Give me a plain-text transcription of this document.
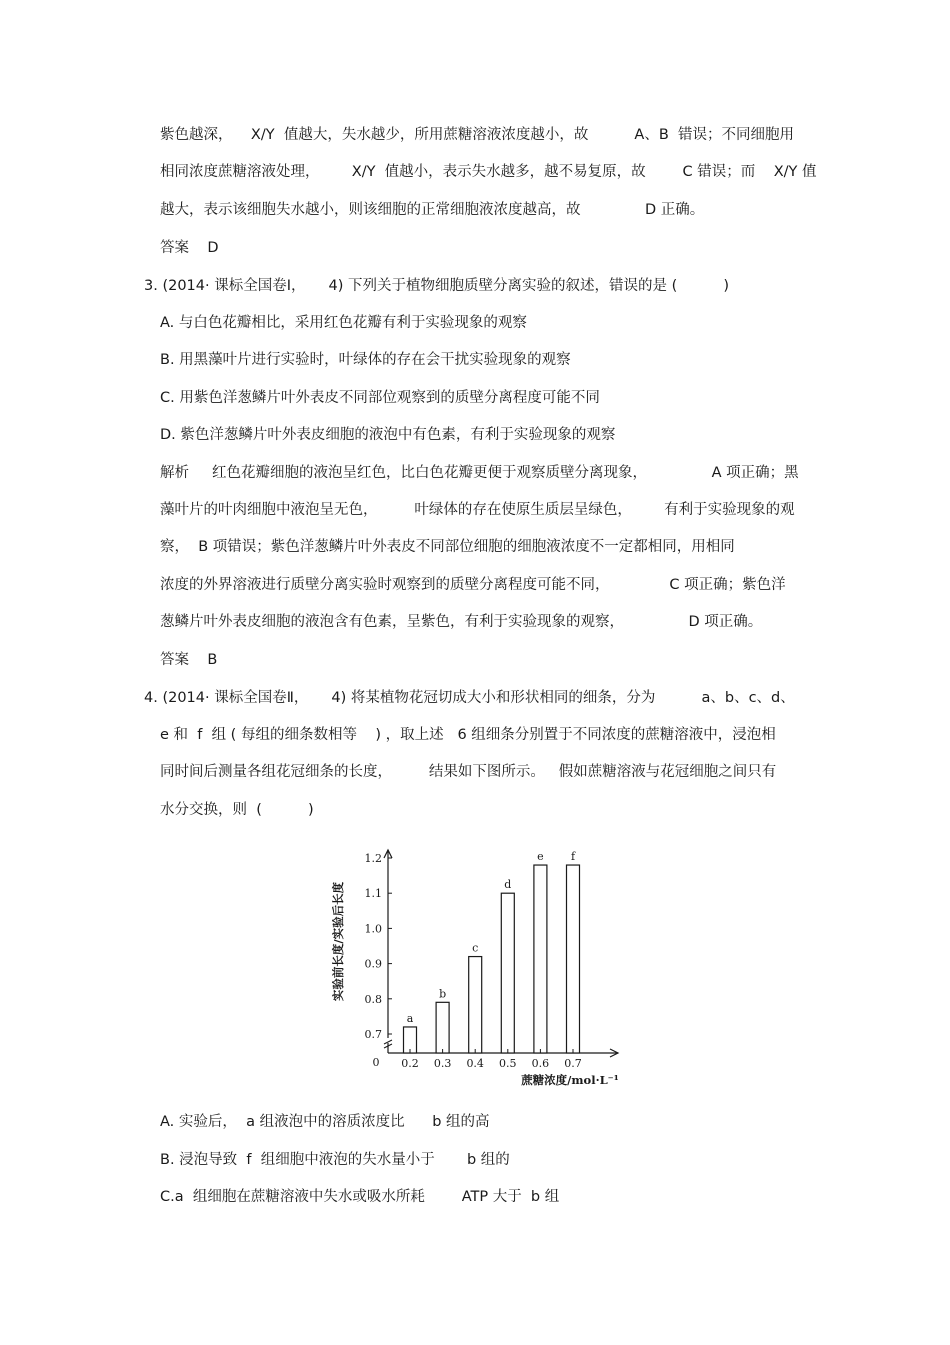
紫色越深，    X/Y  值越大，失水越少，所用蔗糖溶液浓度越小，故          A、B  错误；不同细胞用
相同浓度蔗糖溶液处理，       X/Y  值越小，表示失水越多，越不易复原，故        C 错误；而    X/Y 值
越大，表示该细胞失水越小，则该细胞的正常细胞液浓度越高，故              D 正确。
答案    D
3. (2014· 课标全国卷Ⅰ，     4) 下列关于植物细胞质壁分离实验的叙述，错误的是 (          )
A. 与白色花瓣相比，采用红色花瓣有利于实验现象的观察
B. 用黑藻叶片进行实验时，叶绿体的存在会干扰实验现象的观察
C. 用紫色洋葱鳞片叶外表皮不同部位观察到的质壁分离程度可能不同
D. 紫色洋葱鳞片叶外表皮细胞的液泡中有色素，有利于实验现象的观察
解析     红色花瓣细胞的液泡呈红色，比白色花瓣更便于观察质壁分离现象，              A 项正确；黑
藻叶片的叶肉细胞中液泡呈无色，        叶绿体的存在使原生质层呈绿色，       有利于实验现象的观
察，  B 项错误；紫色洋葱鳞片叶外表皮不同部位细胞的细胞液浓度不一定都相同，用相同
浓度的外界溶液进行质壁分离实验时观察到的质壁分离程度可能不同，             C 项正确；紫色洋
葱鳞片叶外表皮细胞的液泡含有色素，呈紫色，有利于实验现象的观察，              D 项正确。
答案    B
4. (2014· 课标全国卷Ⅱ，     4) 将某植物花冠切成大小和形状相同的细条，分为          a、b、c、d、
e 和  f  组 ( 每组的细条数相等    ) ，取上述   6 组细条分别置于不同浓度的蔗糖溶液中，浸泡相
同时间后测量各组花冠细条的长度，        结果如下图所示。   假如蔗糖溶液与花冠细胞之间只有
水分交换，则  (          )
0.7
0.8
0.9
1.0
1.1
1.2
0
a
0.2
b
0.3
c
0.4
d
0.5
e
0.6
f
0.7
蔗糖浓度/mol·L⁻¹
实验前长度/实验后长度
A. 实验后，  a 组液泡中的溶质浓度比      b 组的高
B. 浸泡导致  f  组细胞中液泡的失水量小于       b 组的
C.a  组细胞在蔗糖溶液中失水或吸水所耗        ATP 大于  b 组
